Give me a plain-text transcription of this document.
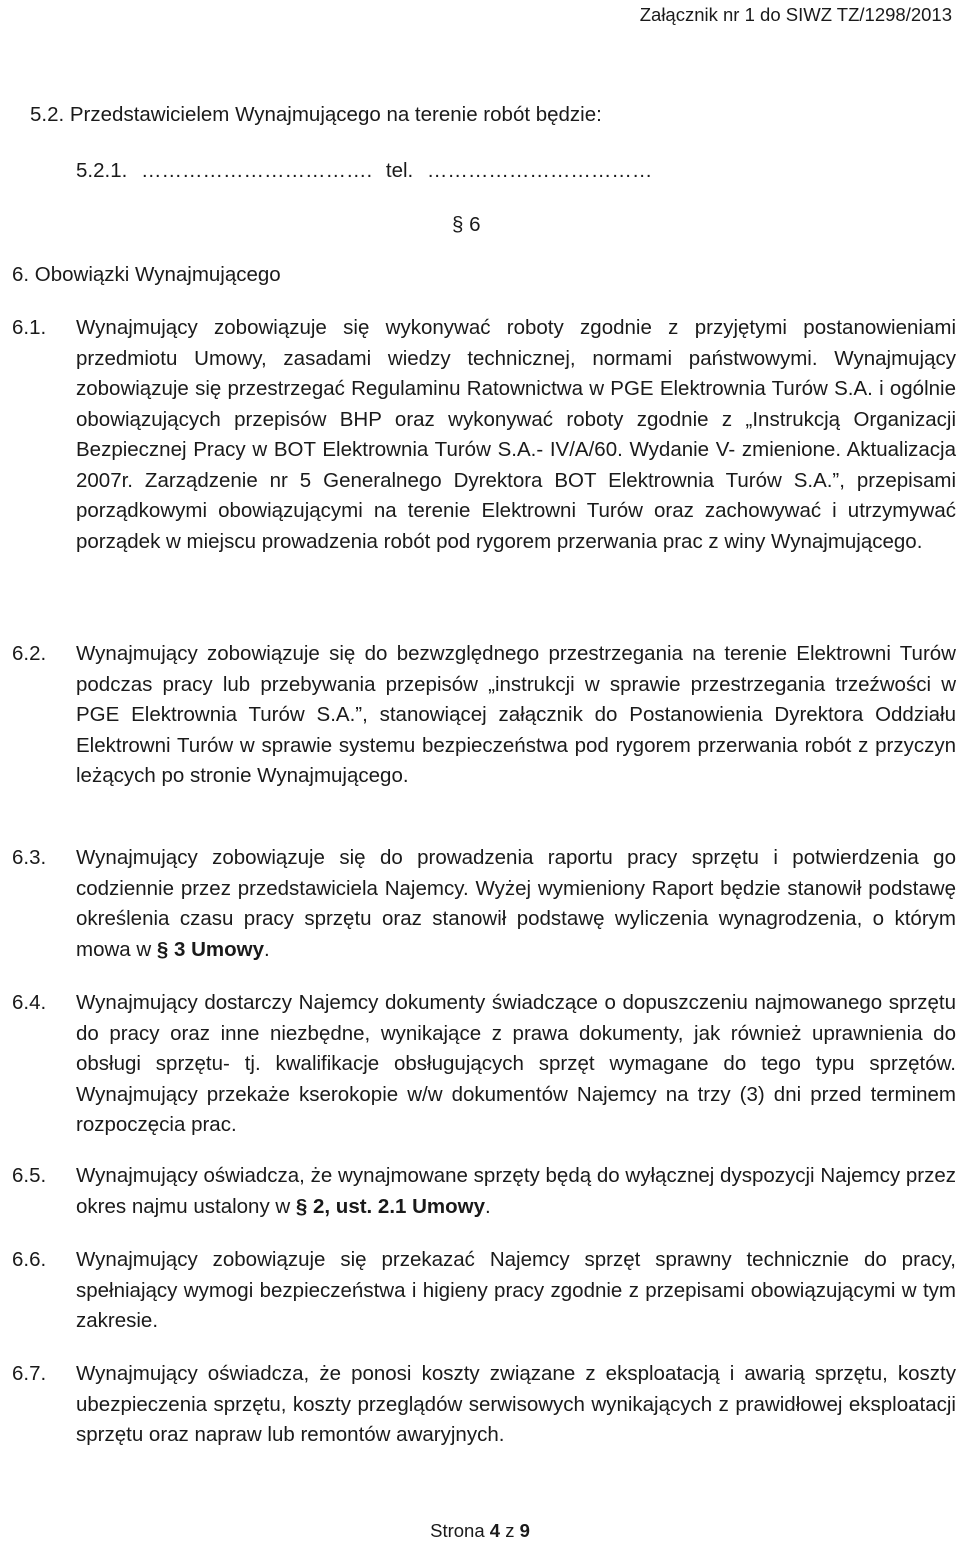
Załącznik nr 1 do SIWZ TZ/1298/2013
5.2. Przedstawicielem Wynajmującego na terenie robót będzie:
5.2.1. ……………………………. tel. ……………………………
§ 6
6. Obowiązki Wynajmującego
6.1. Wynajmujący zobowiązuje się wykonywać roboty zgodnie z przyjętymi postanowieniami przedmiotu Umowy, zasadami wiedzy technicznej, normami państwowymi. Wynajmujący zobowiązuje się przestrzegać Regulaminu Ratownictwa w PGE Elektrownia Turów S.A. i ogólnie obowiązujących przepisów BHP oraz wykonywać roboty zgodnie z „Instrukcją Organizacji Bezpiecznej Pracy w BOT Elektrownia Turów S.A.- IV/A/60. Wydanie V- zmienione. Aktualizacja 2007r. Zarządzenie nr 5 Generalnego Dyrektora BOT Elektrownia Turów S.A.”, przepisami porządkowymi obowiązującymi na terenie Elektrowni Turów oraz zachowywać i utrzymywać porządek w miejscu prowadzenia robót pod rygorem przerwania prac z winy Wynajmującego.

6.2. Wynajmujący zobowiązuje się do bezwzględnego przestrzegania na terenie Elektrowni Turów podczas pracy lub przebywania przepisów „instrukcji w sprawie przestrzegania trzeźwości w PGE Elektrownia Turów S.A.”, stanowiącej załącznik do Postanowienia Dyrektora Oddziału Elektrowni Turów w sprawie systemu bezpieczeństwa pod rygorem przerwania robót z przyczyn leżących po stronie Wynajmującego.

6.3. Wynajmujący zobowiązuje się do prowadzenia raportu pracy sprzętu i potwierdzenia go codziennie przez przedstawiciela Najemcy. Wyżej wymieniony Raport będzie stanowił podstawę określenia czasu pracy sprzętu oraz stanowił podstawę wyliczenia wynagrodzenia, o którym mowa w § 3 Umowy.

6.4. Wynajmujący dostarczy Najemcy dokumenty świadczące o dopuszczeniu najmowanego sprzętu do pracy oraz inne niezbędne, wynikające z prawa dokumenty, jak również uprawnienia do obsługi sprzętu- tj. kwalifikacje obsługujących sprzęt wymagane do tego typu sprzętów. Wynajmujący przekaże kserokopie w/w dokumentów Najemcy na trzy (3) dni przed terminem rozpoczęcia prac.

6.5. Wynajmujący oświadcza, że wynajmowane sprzęty będą do wyłącznej dyspozycji Najemcy przez okres najmu ustalony w § 2, ust. 2.1 Umowy.

6.6. Wynajmujący zobowiązuje się przekazać Najemcy sprzęt sprawny technicznie do pracy, spełniający wymogi bezpieczeństwa i higieny pracy zgodnie z przepisami obowiązującymi w tym zakresie.

6.7. Wynajmujący oświadcza, że ponosi koszty związane z eksploatacją i awarią sprzętu, koszty ubezpieczenia sprzętu, koszty przeglądów serwisowych wynikających z prawidłowej eksploatacji sprzętu oraz napraw lub remontów awaryjnych.

Strona 4 z 9
